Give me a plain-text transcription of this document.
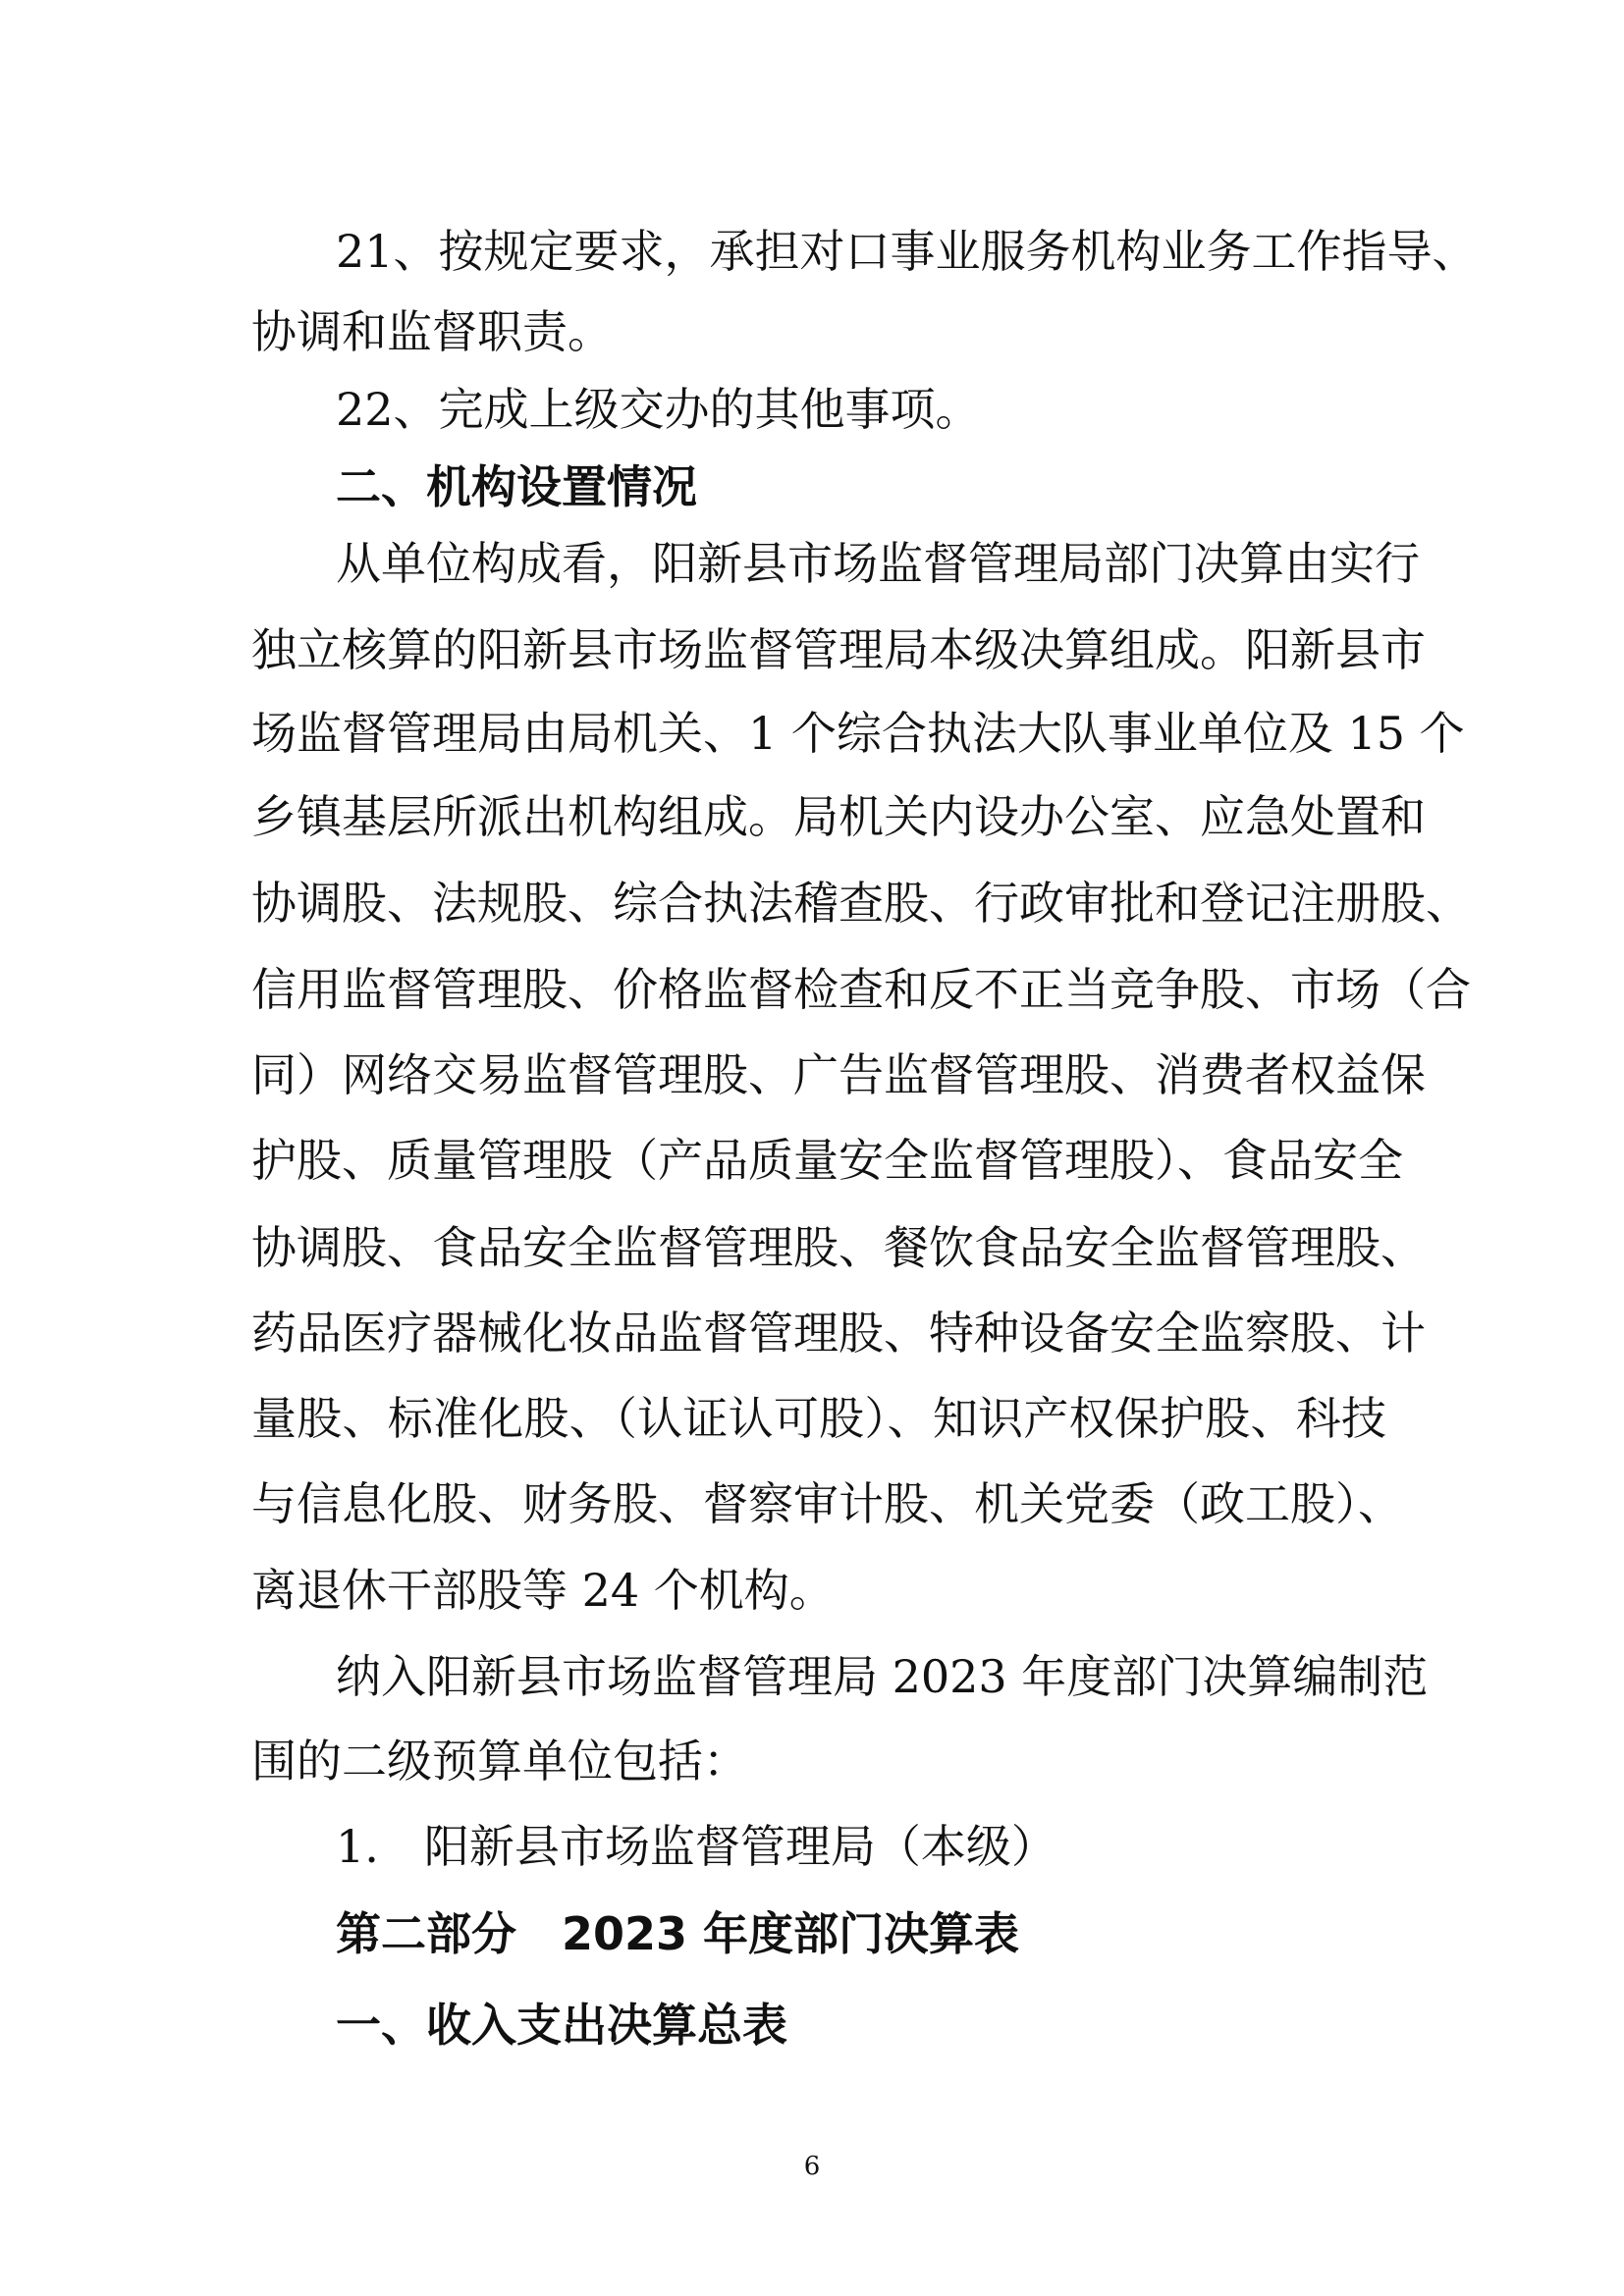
21、按规定要求，承担对口事业服务机构业务工作指导、
协调和监督职责。
22、完成上级交办的其他事项。
二、机构设置情况
从单位构成看，阳新县市场监督管理局部门决算由实行
独立核算的阳新县市场监督管理局本级决算组成。阳新县市
场监督管理局由局机关、1 个综合执法大队事业单位及 15 个
乡镇基层所派出机构组成。局机关内设办公室、应急处置和
协调股、法规股、综合执法稽查股、行政审批和登记注册股、
信用监督管理股、价格监督检查和反不正当竞争股、市场（合
同）网络交易监督管理股、广告监督管理股、消费者权益保
护股、质量管理股（产品质量安全监督管理股）、食品安全
协调股、食品安全监督管理股、餐饮食品安全监督管理股、
药品医疗器械化妆品监督管理股、特种设备安全监察股、计
量股、标准化股、（认证认可股）、知识产权保护股、科技
与信息化股、财务股、督察审计股、机关党委（政工股）、
离退休干部股等 24 个机构。
纳入阳新县市场监督管理局 2023 年度部门决算编制范
围的二级预算单位包括：
1.　阳新县市场监督管理局（本级）
第二部分　2023 年度部门决算表
一、收入支出决算总表
6
